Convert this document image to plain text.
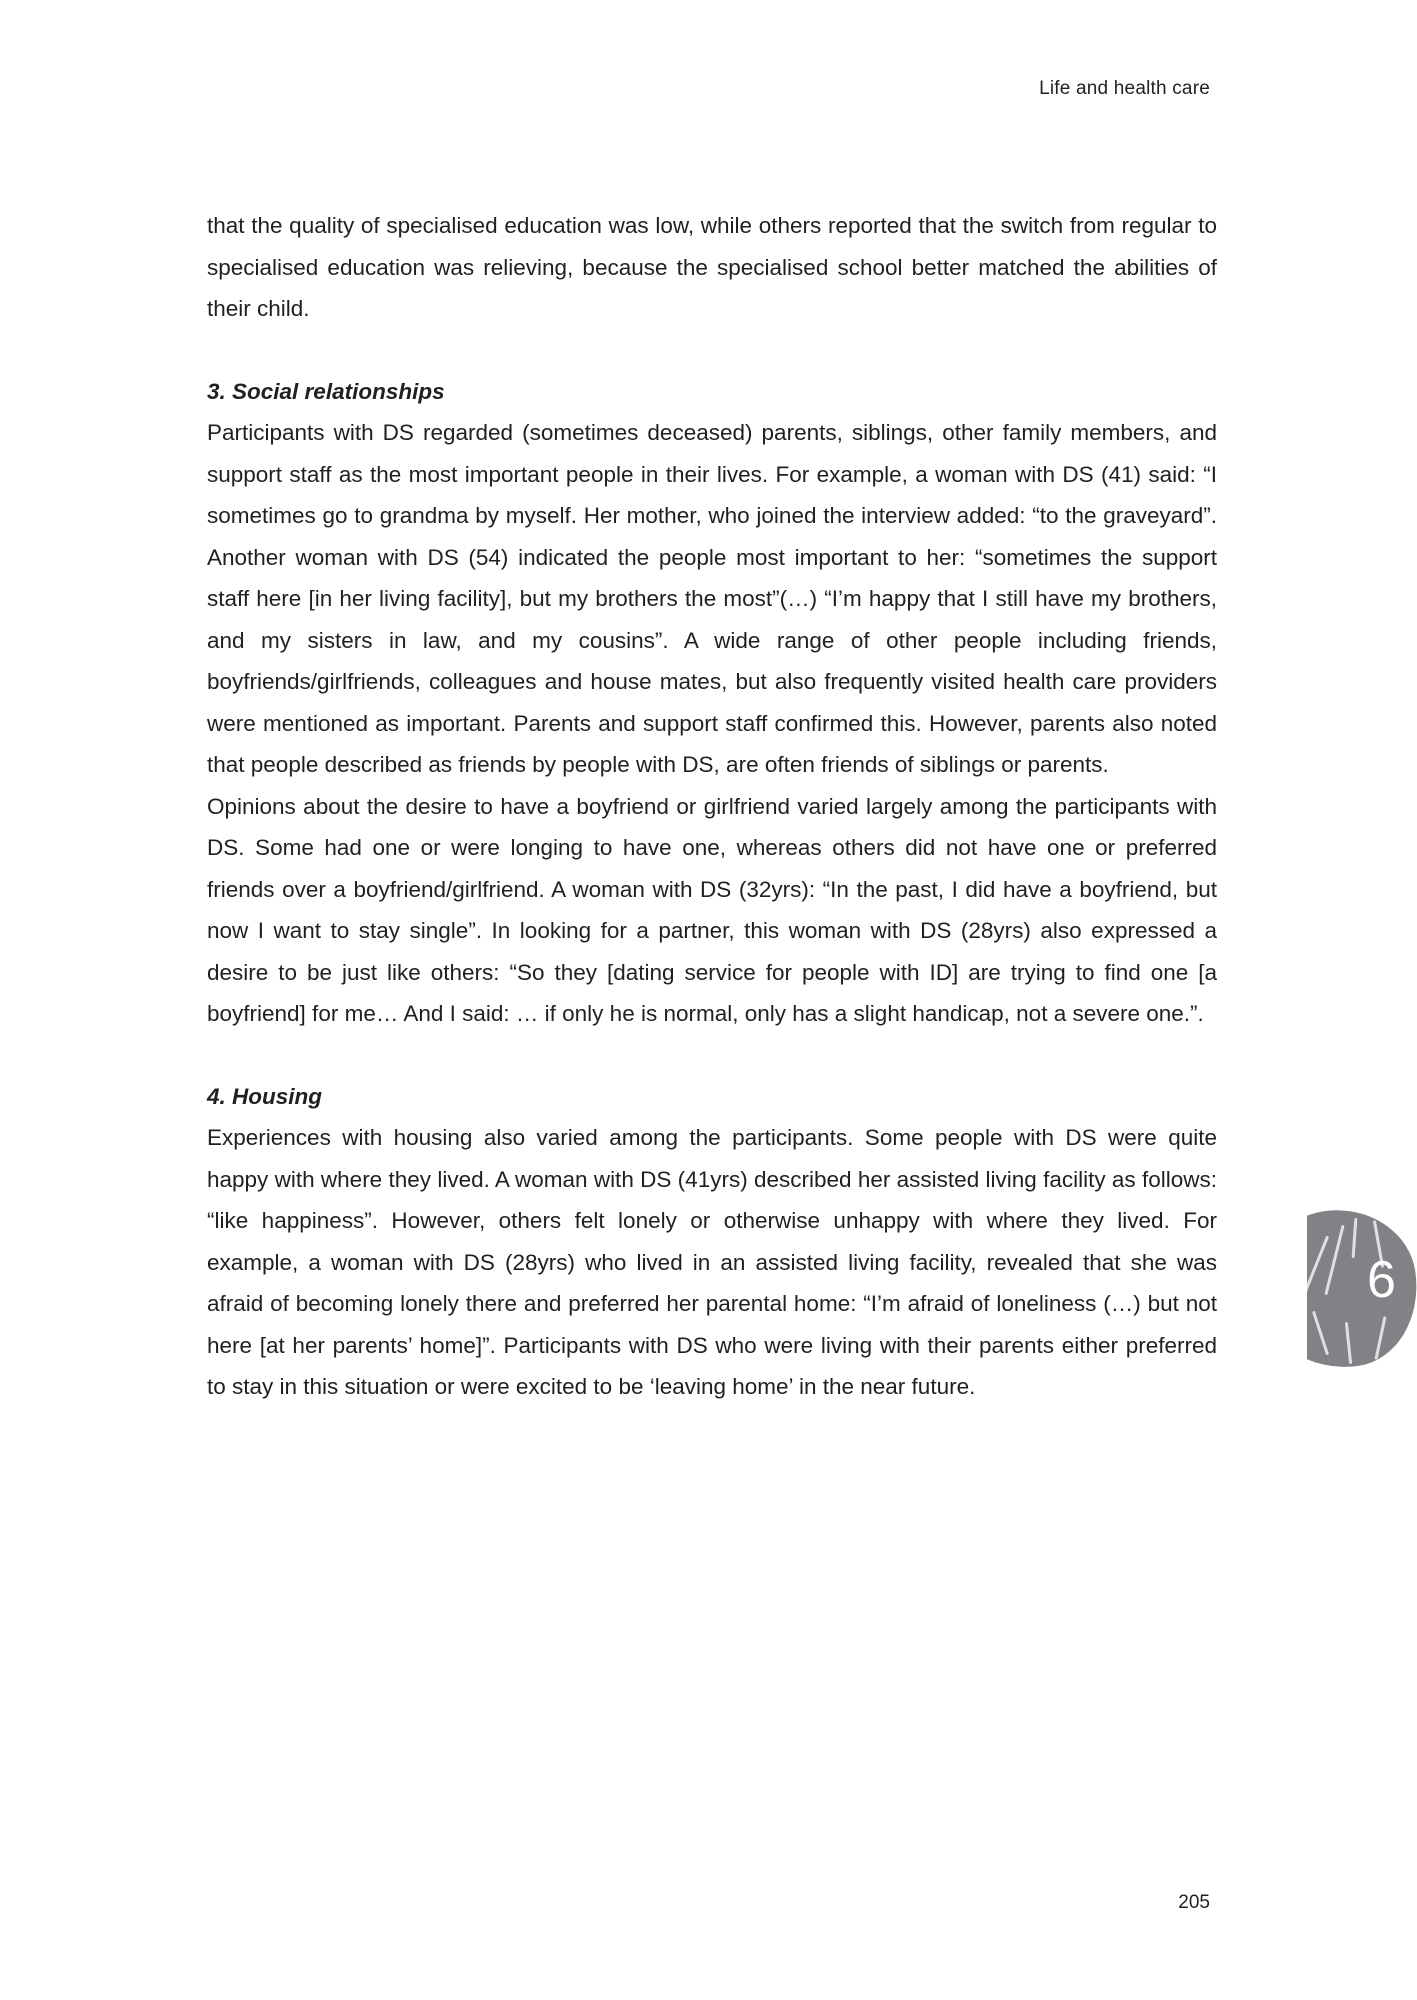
Life and health care

that the quality of specialised education was low, while others reported that the switch from regular to specialised education was relieving, because the specialised school better matched the abilities of their child.

3. Social relationships

Participants with DS regarded (sometimes deceased) parents, siblings, other family members, and support staff as the most important people in their lives. For example, a woman with DS (41) said: “I sometimes go to grandma by myself. Her mother, who joined the interview added: “to the graveyard”. Another woman with DS (54) indicated the people most important to her: “sometimes the support staff here [in her living facility], but my brothers the most”(…) “I’m happy that I still have my brothers, and my sisters in law, and my cousins”. A wide range of other people including friends, boyfriends/girlfriends, colleagues and house mates, but also frequently visited health care providers were mentioned as important. Parents and support staff confirmed this. However, parents also noted that people described as friends by people with DS, are often friends of siblings or parents.

Opinions about the desire to have a boyfriend or girlfriend varied largely among the participants with DS. Some had one or were longing to have one, whereas others did not have one or preferred friends over a boyfriend/girlfriend. A woman with DS (32yrs): “In the past, I did have a boyfriend, but now I want to stay single”. In looking for a partner, this woman with DS (28yrs) also expressed a desire to be just like others: “So they [dating service for people with ID] are trying to find one [a boyfriend] for me… And I said: … if only he is normal, only has a slight handicap, not a severe one.”.

4. Housing

Experiences with housing also varied among the participants. Some people with DS were quite happy with where they lived. A woman with DS (41yrs) described her assisted living facility as follows: “like happiness”. However, others felt lonely or otherwise unhappy with where they lived. For example, a woman with DS (28yrs) who lived in an assisted living facility, revealed that she was afraid of becoming lonely there and preferred her parental home: “I’m afraid of loneliness (…) but not here [at her parents’ home]”. Participants with DS who were living with their parents either preferred to stay in this situation or were excited to be ‘leaving home’ in the near future.

6
205
